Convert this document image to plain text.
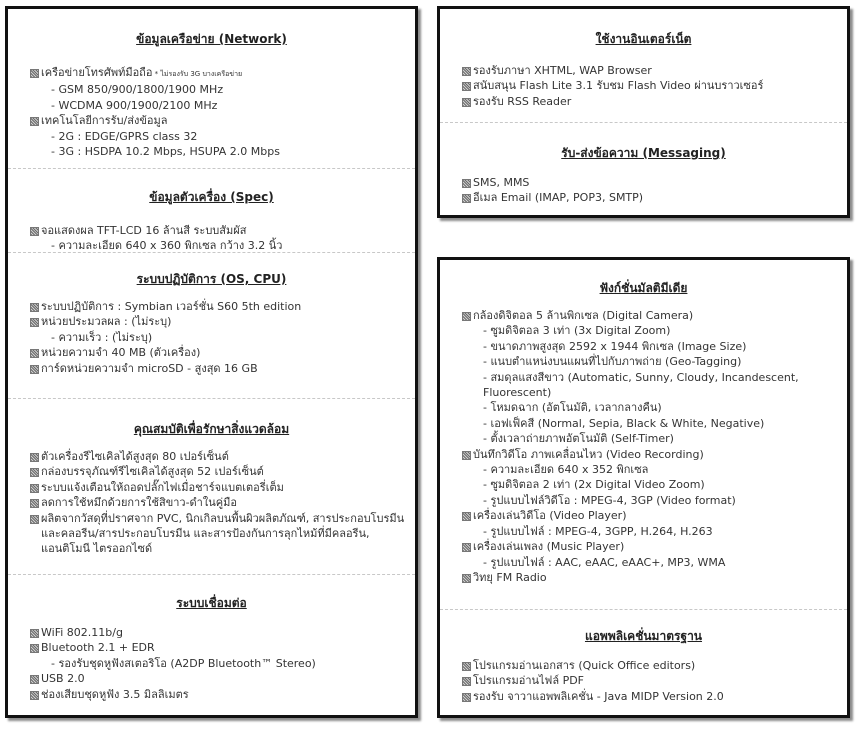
ข้อมูลเครือข่าย (Network)
เครือข่ายโทรศัพท์มือถือ * ไม่รองรับ 3G บางเครือข่าย
- GSM 850/900/1800/1900 MHz
- WCDMA 900/1900/2100 MHz
เทคโนโลยีการรับ/ส่งข้อมูล
- 2G : EDGE/GPRS class 32
- 3G : HSDPA 10.2 Mbps, HSUPA 2.0 Mbps
ข้อมูลตัวเครื่อง (Spec)
จอแสดงผล TFT-LCD 16 ล้านสี ระบบสัมผัส
- ความละเอียด 640 x 360 พิกเซล กว้าง 3.2 นิ้ว
ระบบปฏิบัติการ (OS, CPU)
ระบบปฏิบัติการ : Symbian เวอร์ชั่น S60 5th edition
หน่วยประมวลผล : (ไม่ระบุ)
- ความเร็ว : (ไม่ระบุ)
หน่วยความจำ 40 MB (ตัวเครื่อง)
การ์ดหน่วยความจำ microSD - สูงสุด 16 GB
คุณสมบัติเพื่อรักษาสิ่งแวดล้อม
ตัวเครื่องรีไซเคิลได้สูงสุด 80 เปอร์เซ็นต์
กล่องบรรจุภัณฑ์รีไซเคิลได้สูงสุด 52 เปอร์เซ็นต์
ระบบแจ้งเตือนให้ถอดปลั๊กไฟเมื่อชาร์จแบตเตอรี่เต็ม
ลดการใช้หมึกด้วยการใช้สิขาว-ดำในคู่มือ
ผลิตจากวัสดุที่ปราศจาก PVC, นิกเกิลบนพื้นผิวผลิตภัณฑ์, สารประกอบโบรมีนและคลอรีน/สารประกอบโบรมีน และสารป้องกันการลุกไหม้ที่มีคลอรีน, แอนติโมนี ไตรออกไซด์
ระบบเชื่อมต่อ
WiFi 802.11b/g
Bluetooth 2.1 + EDR
- รองรับชุดหูฟังสเตอริโอ (A2DP Bluetooth™ Stereo)
USB 2.0
ช่องเสียบชุดหูฟัง 3.5 มิลลิเมตร
ใช้งานอินเตอร์เน็ต
รองรับภาษา XHTML, WAP Browser
สนับสนุน Flash Lite 3.1 รับชม Flash Video ผ่านบราวเซอร์
รองรับ RSS Reader
รับ-ส่งข้อความ (Messaging)
SMS, MMS
อีเมล Email (IMAP, POP3, SMTP)
ฟังก์ชั่นมัลติมีเดีย
กล้องดิจิตอล 5 ล้านพิกเซล (Digital Camera)
- ซูมดิจิตอล 3 เท่า (3x Digital Zoom)
- ขนาดภาพสูงสุด 2592 x 1944 พิกเซล (Image Size)
- แนบตำแหน่งบนแผนที่ไปกับภาพถ่าย (Geo-Tagging)
- สมดุลแสงสีขาว (Automatic, Sunny, Cloudy, Incandescent, Fluorescent)
- โหมดฉาก (อัตโนมัติ, เวลากลางคืน)
- เอฟเฟ็คสี (Normal, Sepia, Black & White, Negative)
- ตั้งเวลาถ่ายภาพอัตโนมัติ (Self-Timer)
บันทึกวิดีโอ ภาพเคลื่อนไหว (Video Recording)
- ความละเอียด 640 x 352 พิกเซล
- ซูมดิจิตอล 2 เท่า (2x Digital Video Zoom)
- รูปแบบไฟล์วิดีโอ : MPEG-4, 3GP (Video format)
เครื่องเล่นวิดีโอ (Video Player)
- รูปแบบไฟล์ : MPEG-4, 3GPP, H.264, H.263
เครื่องเล่นเพลง (Music Player)
- รูปแบบไฟล์ : AAC, eAAC, eAAC+, MP3, WMA
วิทยุ FM Radio
แอพพลิเคชั่นมาตรฐาน
โปรแกรมอ่านเอกสาร (Quick Office editors)
โปรแกรมอ่านไฟล์ PDF
รองรับ จาวาแอพพลิเคชั่น - Java MIDP Version 2.0
